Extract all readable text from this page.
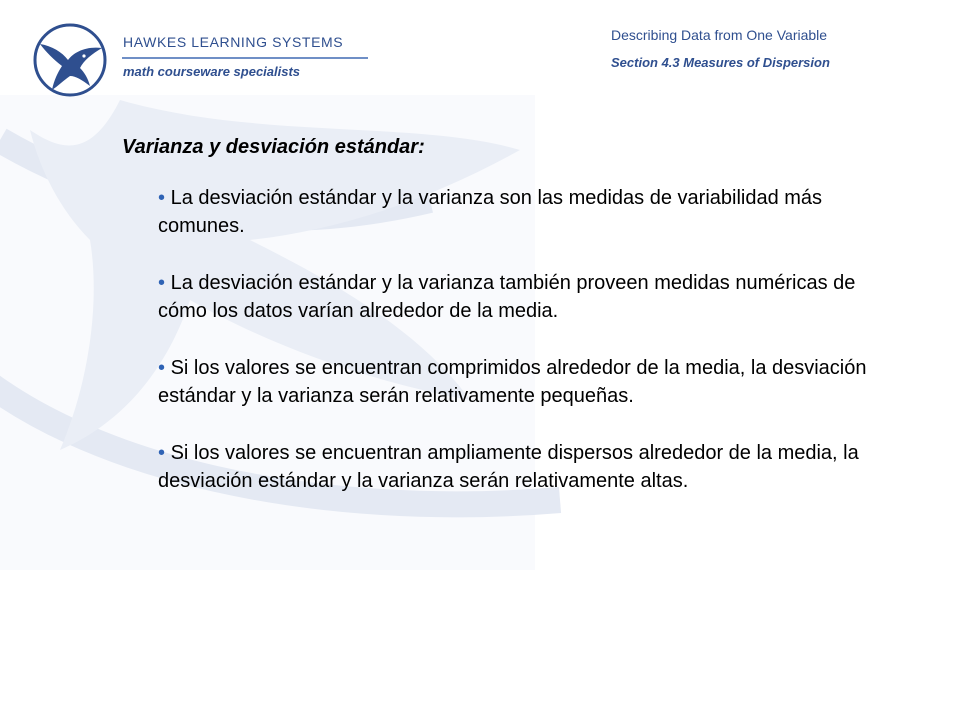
HAWKES LEARNING SYSTEMS
math courseware specialists
Describing Data from One Variable
Section 4.3 Measures of Dispersion
Varianza y desviación estándar:
• La desviación estándar y la varianza son las medidas de variabilidad más comunes.
• La desviación estándar y la varianza también proveen medidas numéricas de cómo los datos varían alrededor de la media.
• Si los valores se encuentran comprimidos alrededor de la media, la desviación estándar y la varianza serán relativamente pequeñas.
• Si los valores se encuentran ampliamente dispersos alrededor de la media, la desviación estándar y la varianza serán relativamente altas.
